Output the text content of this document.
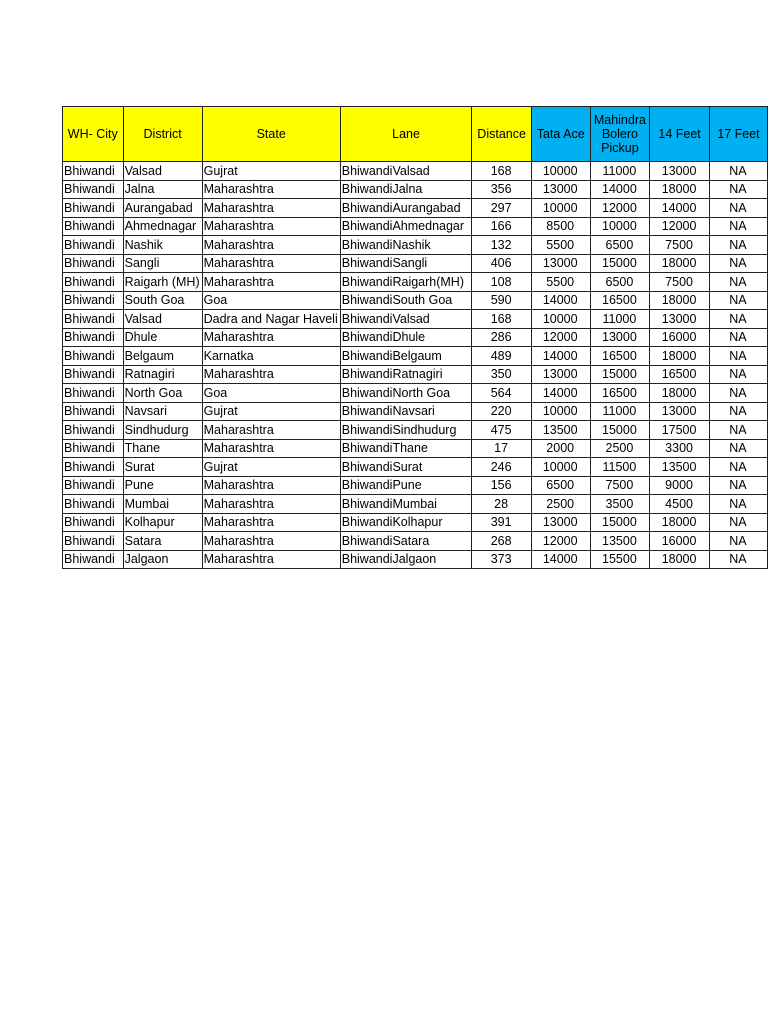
WH- City	District	State	Lane	Distance	Tata Ace	Mahindra Bolero Pickup	14 Feet	17 Feet
Bhiwandi	Valsad	Gujrat	BhiwandiValsad	168	10000	11000	13000	NA
Bhiwandi	Jalna	Maharashtra	BhiwandiJalna	356	13000	14000	18000	NA
Bhiwandi	Aurangabad	Maharashtra	BhiwandiAurangabad	297	10000	12000	14000	NA
Bhiwandi	Ahmednagar	Maharashtra	BhiwandiAhmednagar	166	8500	10000	12000	NA
Bhiwandi	Nashik	Maharashtra	BhiwandiNashik	132	5500	6500	7500	NA
Bhiwandi	Sangli	Maharashtra	BhiwandiSangli	406	13000	15000	18000	NA
Bhiwandi	Raigarh (MH)	Maharashtra	BhiwandiRaigarh(MH)	108	5500	6500	7500	NA
Bhiwandi	South Goa	Goa	BhiwandiSouth Goa	590	14000	16500	18000	NA
Bhiwandi	Valsad	Dadra and Nagar Haveli	BhiwandiValsad	168	10000	11000	13000	NA
Bhiwandi	Dhule	Maharashtra	BhiwandiDhule	286	12000	13000	16000	NA
Bhiwandi	Belgaum	Karnatka	BhiwandiBelgaum	489	14000	16500	18000	NA
Bhiwandi	Ratnagiri	Maharashtra	BhiwandiRatnagiri	350	13000	15000	16500	NA
Bhiwandi	North Goa	Goa	BhiwandiNorth Goa	564	14000	16500	18000	NA
Bhiwandi	Navsari	Gujrat	BhiwandiNavsari	220	10000	11000	13000	NA
Bhiwandi	Sindhudurg	Maharashtra	BhiwandiSindhudurg	475	13500	15000	17500	NA
Bhiwandi	Thane	Maharashtra	BhiwandiThane	17	2000	2500	3300	NA
Bhiwandi	Surat	Gujrat	BhiwandiSurat	246	10000	11500	13500	NA
Bhiwandi	Pune	Maharashtra	BhiwandiPune	156	6500	7500	9000	NA
Bhiwandi	Mumbai	Maharashtra	BhiwandiMumbai	28	2500	3500	4500	NA
Bhiwandi	Kolhapur	Maharashtra	BhiwandiKolhapur	391	13000	15000	18000	NA
Bhiwandi	Satara	Maharashtra	BhiwandiSatara	268	12000	13500	16000	NA
Bhiwandi	Jalgaon	Maharashtra	BhiwandiJalgaon	373	14000	15500	18000	NA
